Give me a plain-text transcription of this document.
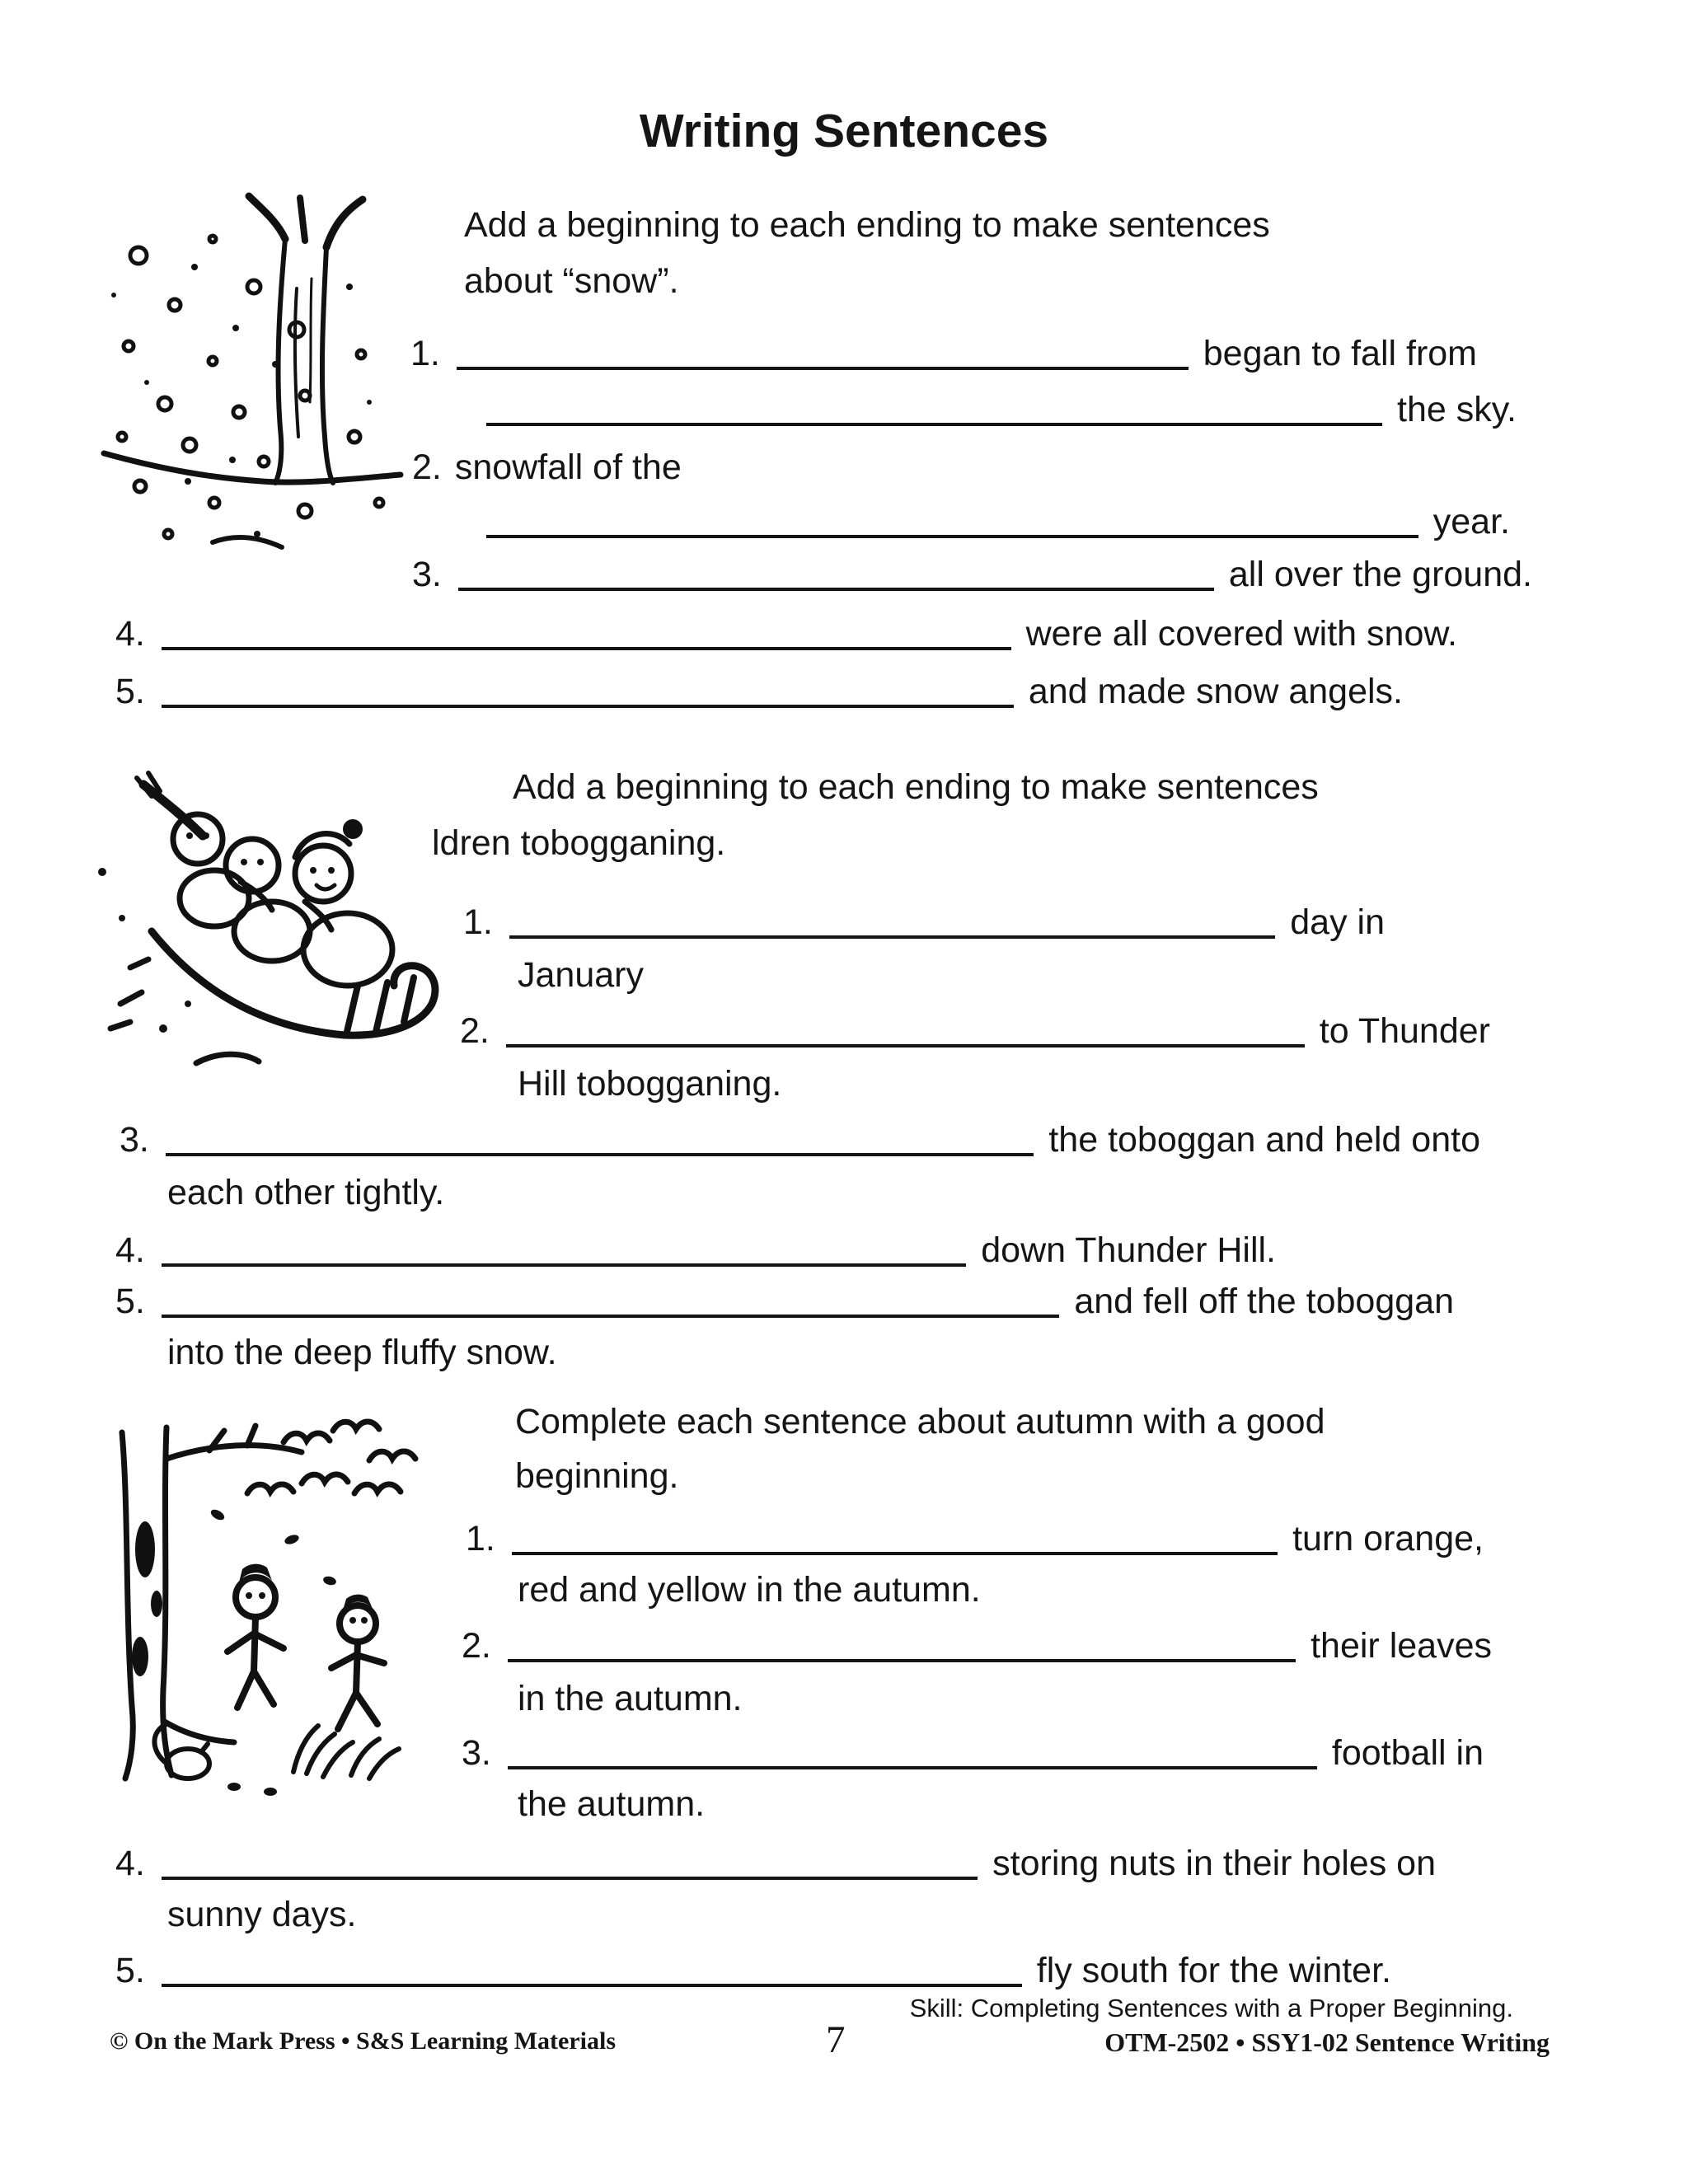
Writing Sentences
Add a beginning to each ending to make sentences
about “snow”.
1.	began to fall from
the sky.
2. snowfall of the
year.
3.	all over the ground.
4.	were all covered with snow.
5.	and made snow angels.
Add a beginning to each ending to make sentences
ldren tobogganing.
1.	day in
January
2.	to Thunder
Hill tobogganing.
3.	the toboggan and held onto
each other tightly.
4.	down Thunder Hill.
5.	and fell off the toboggan
into the deep fluffy snow.
Complete each sentence about autumn with a good
beginning.
1.	turn orange,
red and yellow in the autumn.
2.	their leaves
in the autumn.
3.	football in
the autumn.
4.	storing nuts in their holes on
sunny days.
5.	fly south for the winter.
Skill: Completing Sentences with a Proper Beginning.
© On the Mark Press • S&S Learning Materials	7	OTM-2502 • SSY1-02 Sentence Writing
